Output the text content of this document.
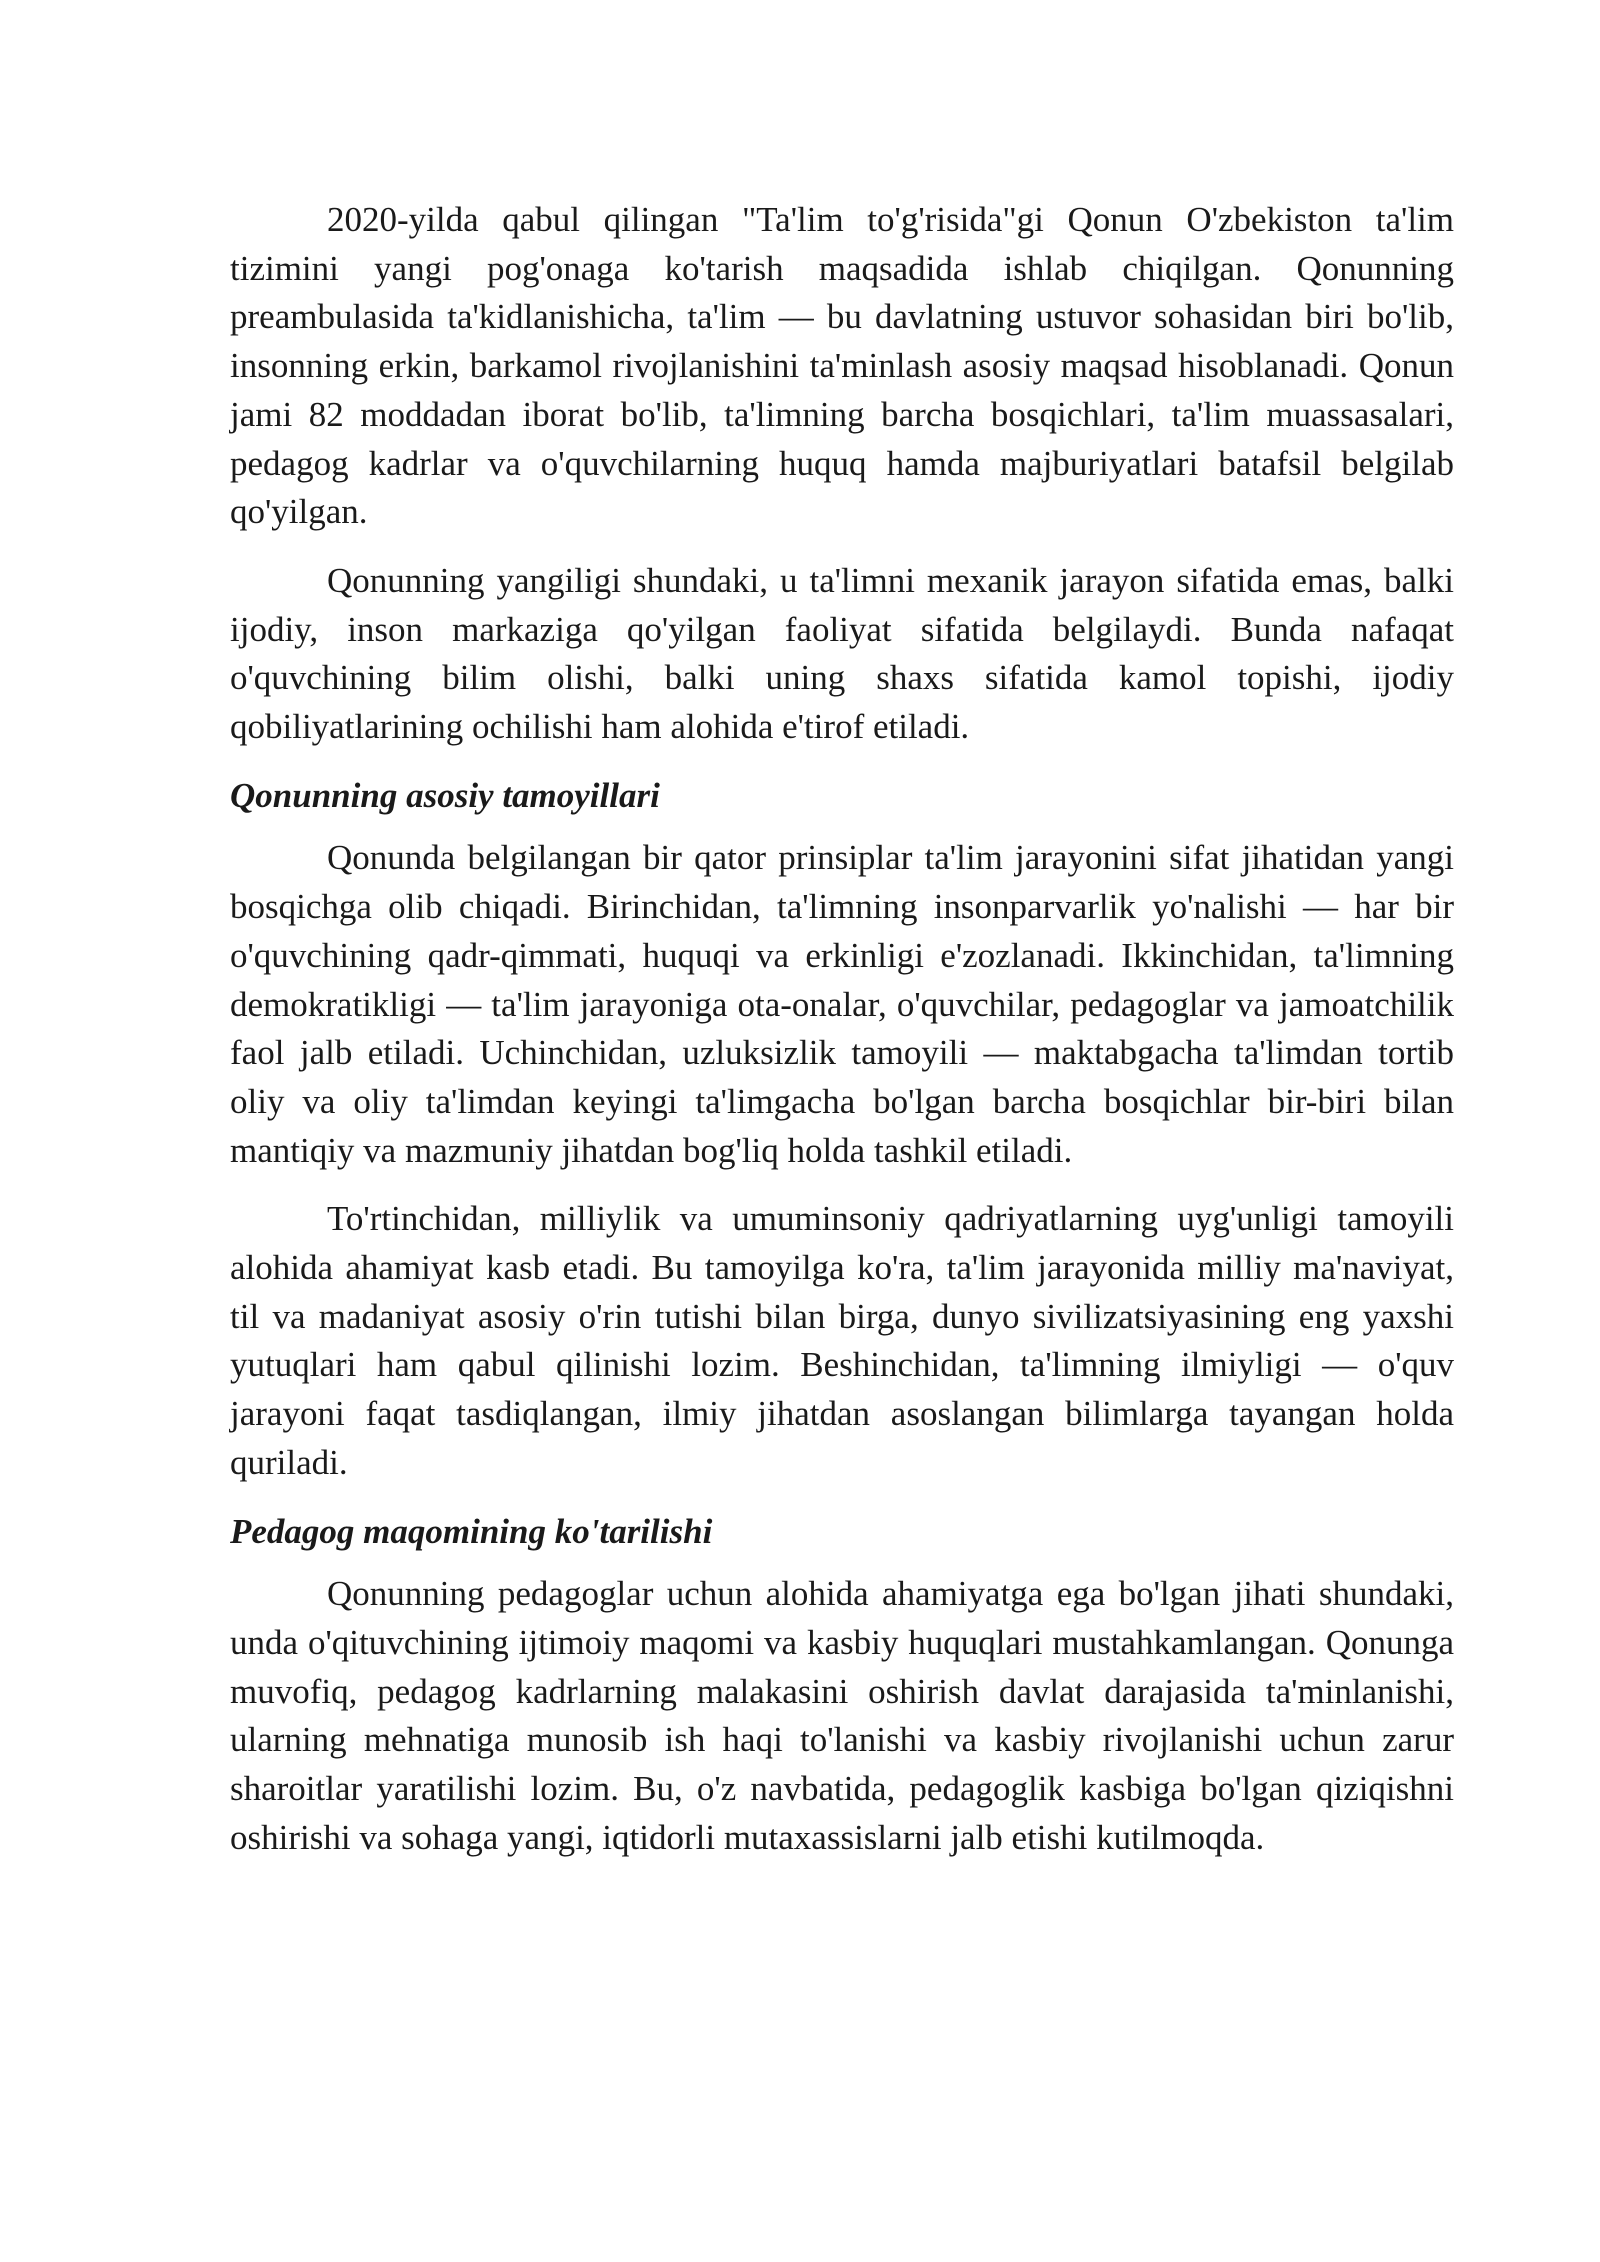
2020-yilda qabul qilingan "Ta'lim to'g'risida"gi Qonun O'zbekiston ta'lim tizimini yangi pog'onaga ko'tarish maqsadida ishlab chiqilgan. Qonunning preambulasida ta'kidlanishicha, ta'lim — bu davlatning ustuvor sohasidan biri bo'lib, insonning erkin, barkamol rivojlanishini ta'minlash asosiy maqsad hisoblanadi. Qonun jami 82 moddadan iborat bo'lib, ta'limning barcha bosqichlari, ta'lim muassasalari, pedagog kadrlar va o'quvchilarning huquq hamda majburiyatlari batafsil belgilab qo'yilgan.

Qonunning yangiligi shundaki, u ta'limni mexanik jarayon sifatida emas, balki ijodiy, inson markaziga qo'yilgan faoliyat sifatida belgilaydi. Bunda nafaqat o'quvchining bilim olishi, balki uning shaxs sifatida kamol topishi, ijodiy qobiliyatlarining ochilishi ham alohida e'tirof etiladi.

Qonunning asosiy tamoyillari

Qonunda belgilangan bir qator prinsiplar ta'lim jarayonini sifat jihatidan yangi bosqichga olib chiqadi. Birinchidan, ta'limning insonparvarlik yo'nalishi — har bir o'quvchining qadr-qimmati, huquqi va erkinligi e'zozlanadi. Ikkinchidan, ta'limning demokratikligi — ta'lim jarayoniga ota-onalar, o'quvchilar, pedagoglar va jamoatchilik faol jalb etiladi. Uchinchidan, uzluksizlik tamoyili — maktabgacha ta'limdan tortib oliy va oliy ta'limdan keyingi ta'limgacha bo'lgan barcha bosqichlar bir-biri bilan mantiqiy va mazmuniy jihatdan bog'liq holda tashkil etiladi.

To'rtinchidan, milliylik va umuminsoniy qadriyatlarning uyg'unligi tamoyili alohida ahamiyat kasb etadi. Bu tamoyilga ko'ra, ta'lim jarayonida milliy ma'naviyat, til va madaniyat asosiy o'rin tutishi bilan birga, dunyo sivilizatsiyasining eng yaxshi yutuqlari ham qabul qilinishi lozim. Beshinchidan, ta'limning ilmiyligi — o'quv jarayoni faqat tasdiqlangan, ilmiy jihatdan asoslangan bilimlarga tayangan holda quriladi.

Pedagog maqomining ko'tarilishi

Qonunning pedagoglar uchun alohida ahamiyatga ega bo'lgan jihati shundaki, unda o'qituvchining ijtimoiy maqomi va kasbiy huquqlari mustahkamlangan. Qonunga muvofiq, pedagog kadrlarning malakasini oshirish davlat darajasida ta'minlanishi, ularning mehnatiga munosib ish haqi to'lanishi va kasbiy rivojlanishi uchun zarur sharoitlar yaratilishi lozim. Bu, o'z navbatida, pedagoglik kasbiga bo'lgan qiziqishni oshirishi va sohaga yangi, iqtidorli mutaxassislarni jalb etishi kutilmoqda.
